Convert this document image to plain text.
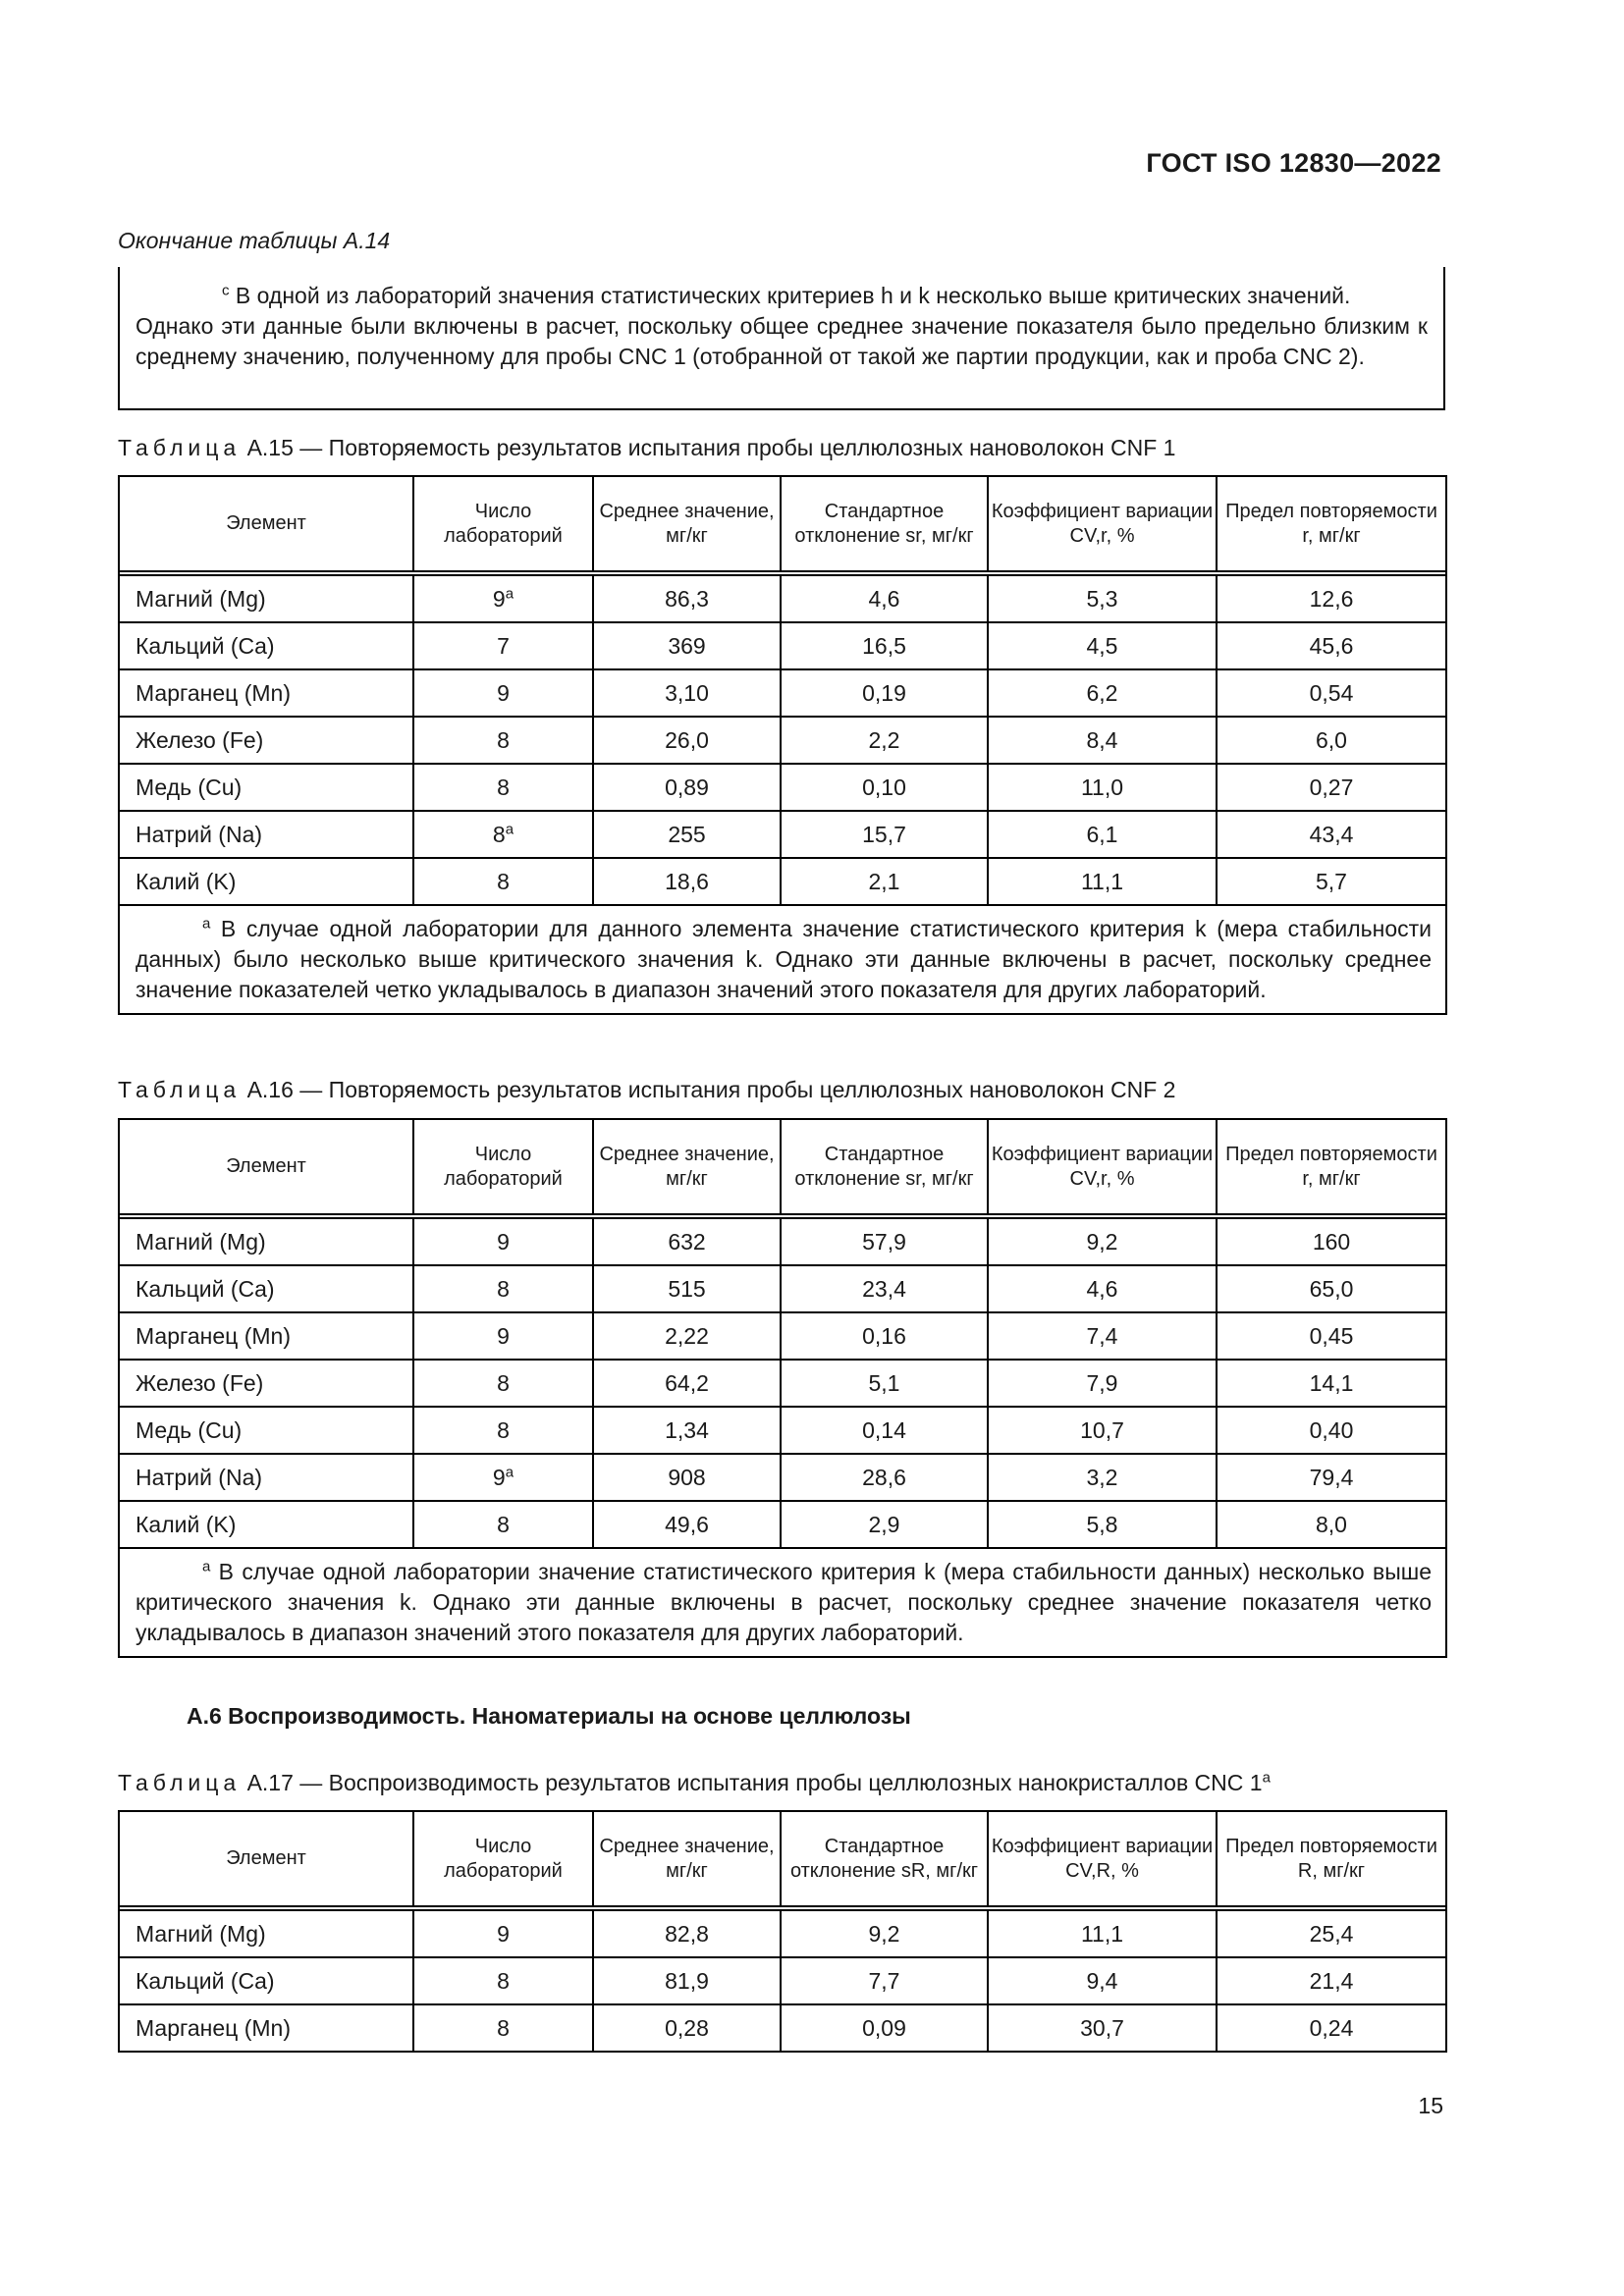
ГОСТ ISO 12830—2022
Окончание таблицы А.14
$^c$ В одной из лабораторий значения статистических критериев h и k несколько выше критических значений.
Однако эти данные были включены в расчет, поскольку общее среднее значение показателя было предельно близким к среднему значению, полученному для пробы CNC 1 (отобранной от такой же партии продукции, как и проба CNC 2).
Таблица А.15 — Повторяемость результатов испытания пробы целлюлозных нановолокон CNF 1
Элемент	Число лабораторий	Среднее значение, мг/кг	Стандартное отклонение sr, мг/кг	Коэффициент вариации CV,r, %	Предел повторяемости r, мг/кг

Магний (Mg)	9$^a$	86,3	4,6	5,3	12,6
Кальций (Ca)	7	369	16,5	4,5	45,6
Марганец (Mn)	9	3,10	0,19	6,2	0,54
Железо (Fe)	8	26,0	2,2	8,4	6,0
Медь (Cu)	8	0,89	0,10	11,0	0,27
Натрий (Na)	8$^a$	255	15,7	6,1	43,4
Калий (K)	8	18,6	2,1	11,1	5,7
$^a$ В случае одной лаборатории для данного элемента значение статистического критерия k (мера стабильности данных) было несколько выше критического значения k. Однако эти данные включены в расчет, поскольку среднее значение показателей четко укладывалось в диапазон значений этого показателя для других лабораторий.					
Таблица А.16 — Повторяемость результатов испытания пробы целлюлозных нановолокон CNF 2
Элемент	Число лабораторий	Среднее значение, мг/кг	Стандартное отклонение sr, мг/кг	Коэффициент вариации CV,r, %	Предел повторяемости r, мг/кг

Магний (Mg)	9	632	57,9	9,2	160
Кальций (Ca)	8	515	23,4	4,6	65,0
Марганец (Mn)	9	2,22	0,16	7,4	0,45
Железо (Fe)	8	64,2	5,1	7,9	14,1
Медь (Cu)	8	1,34	0,14	10,7	0,40
Натрий (Na)	9$^a$	908	28,6	3,2	79,4
Калий (K)	8	49,6	2,9	5,8	8,0
$^a$ В случае одной лаборатории значение статистического критерия k (мера стабильности данных) несколько выше критического значения k. Однако эти данные включены в расчет, поскольку среднее значение показателя четко укладывалось в диапазон значений этого показателя для других лабораторий.					
А.6 Воспроизводимость. Наноматериалы на основе целлюлозы
Таблица А.17 — Воспроизводимость результатов испытания пробы целлюлозных нанокристаллов CNC 1$^a$
Элемент	Число лабораторий	Среднее значение, мг/кг	Стандартное отклонение sR, мг/кг	Коэффициент вариации CV,R, %	Предел повторяемости R, мг/кг

Магний (Mg)	9	82,8	9,2	11,1	25,4
Кальций (Ca)	8	81,9	7,7	9,4	21,4
Марганец (Mn)	8	0,28	0,09	30,7	0,24
15
